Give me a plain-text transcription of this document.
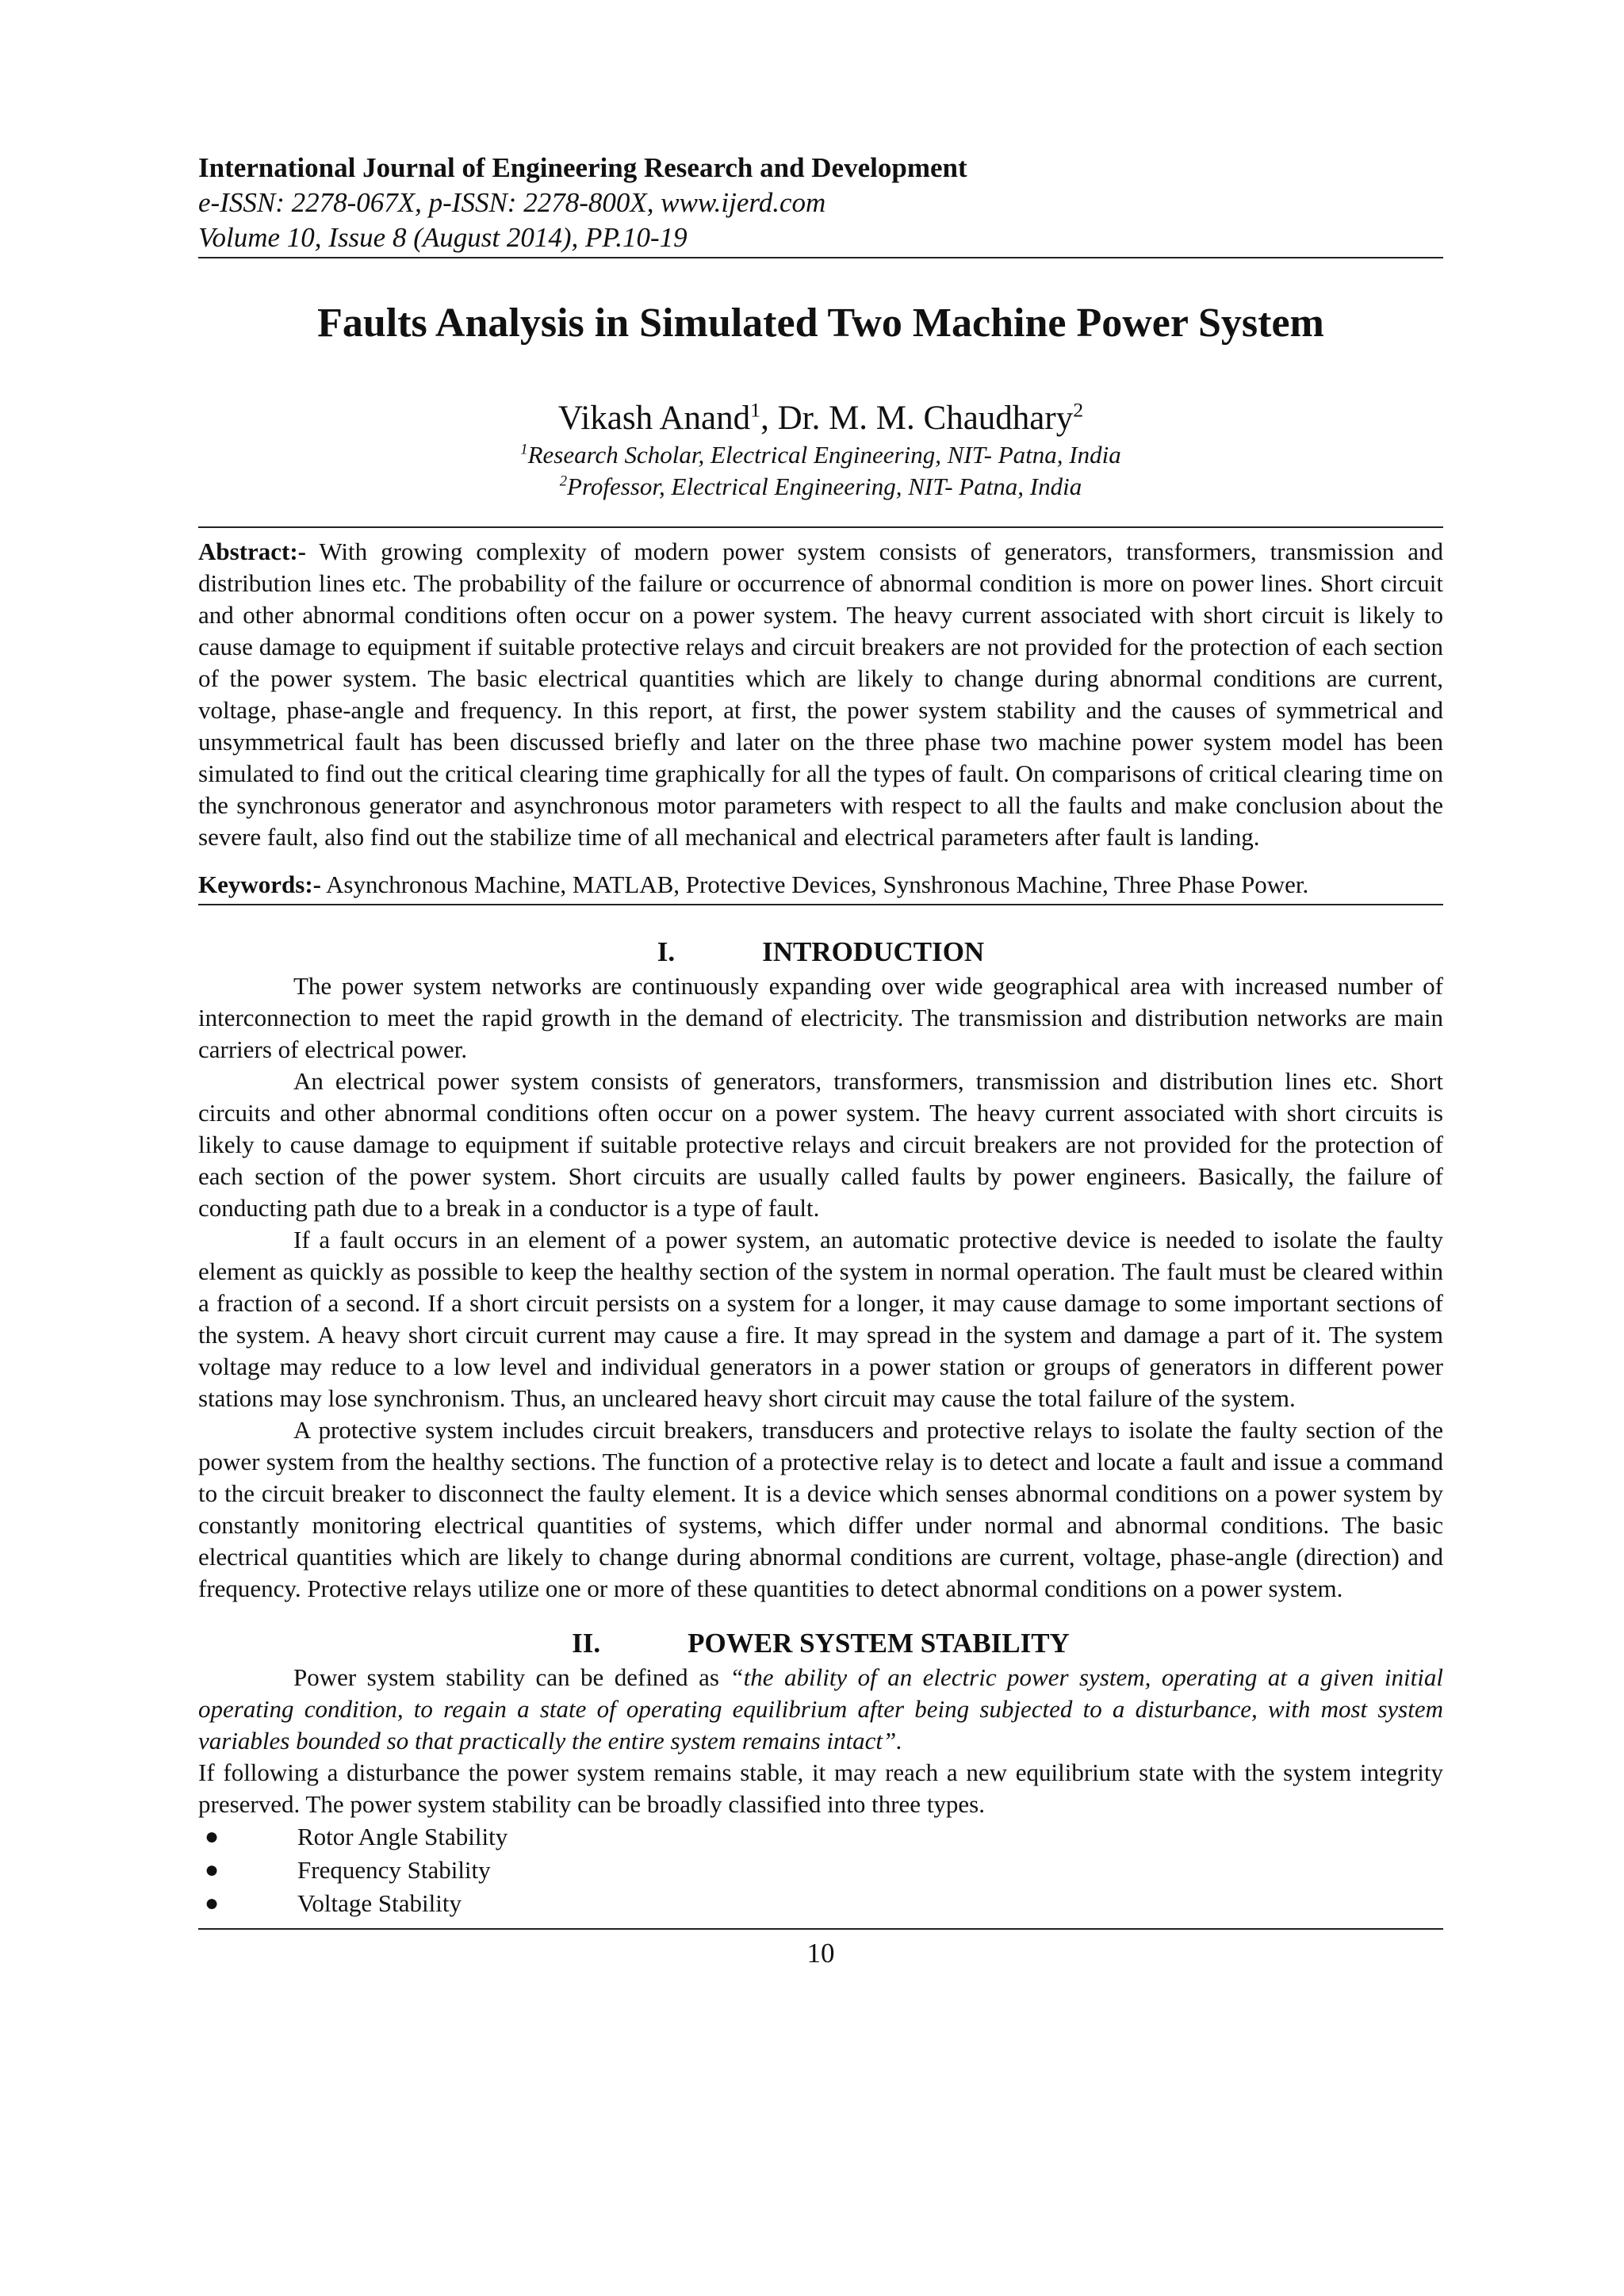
International Journal of Engineering Research and Development

e-ISSN: 2278-067X, p-ISSN: 2278-800X, www.ijerd.com

Volume 10, Issue 8 (August 2014), PP.10-19

Faults Analysis in Simulated Two Machine Power System

Vikash Anand$^1$, Dr. M. M. Chaudhary$^2$

$^1$Research Scholar, Electrical Engineering, NIT- Patna, India

$^2$Professor, Electrical Engineering, NIT- Patna, India

Abstract:- With growing complexity of modern power system consists of generators, transformers, transmission and distribution lines etc. The probability of the failure or occurrence of abnormal condition is more on power lines. Short circuit and other abnormal conditions often occur on a power system. The heavy current associated with short circuit is likely to cause damage to equipment if suitable protective relays and circuit breakers are not provided for the protection of each section of the power system. The basic electrical quantities which are likely to change during abnormal conditions are current, voltage, phase-angle and frequency. In this report, at first, the power system stability and the causes of symmetrical and unsymmetrical fault has been discussed briefly and later on the three phase two machine power system model has been simulated to find out the critical clearing time graphically for all the types of fault. On comparisons of critical clearing time on the synchronous generator and asynchronous motor parameters with respect to all the faults and make conclusion about the severe fault, also find out the stabilize time of all mechanical and electrical parameters after fault is landing.

Keywords:- Asynchronous Machine, MATLAB, Protective Devices, Synshronous Machine, Three Phase Power.

I.	INTRODUCTION

The power system networks are continuously expanding over wide geographical area with increased number of interconnection to meet the rapid growth in the demand of electricity. The transmission and distribution networks are main carriers of electrical power.

An electrical power system consists of generators, transformers, transmission and distribution lines etc. Short circuits and other abnormal conditions often occur on a power system. The heavy current associated with short circuits is likely to cause damage to equipment if suitable protective relays and circuit breakers are not provided for the protection of each section of the power system. Short circuits are usually called faults by power engineers. Basically, the failure of conducting path due to a break in a conductor is a type of fault.

If a fault occurs in an element of a power system, an automatic protective device is needed to isolate the faulty element as quickly as possible to keep the healthy section of the system in normal operation. The fault must be cleared within a fraction of a second. If a short circuit persists on a system for a longer, it may cause damage to some important sections of the system. A heavy short circuit current may cause a fire. It may spread in the system and damage a part of it. The system voltage may reduce to a low level and individual generators in a power station or groups of generators in different power stations may lose synchronism. Thus, an uncleared heavy short circuit may cause the total failure of the system.

A protective system includes circuit breakers, transducers and protective relays to isolate the faulty section of the power system from the healthy sections. The function of a protective relay is to detect and locate a fault and issue a command to the circuit breaker to disconnect the faulty element. It is a device which senses abnormal conditions on a power system by constantly monitoring electrical quantities of systems, which differ under normal and abnormal conditions. The basic electrical quantities which are likely to change during abnormal conditions are current, voltage, phase-angle (direction) and frequency. Protective relays utilize one or more of these quantities to detect abnormal conditions on a power system.

II.	POWER SYSTEM STABILITY

Power system stability can be defined as “the ability of an electric power system, operating at a given initial operating condition, to regain a state of operating equilibrium after being subjected to a disturbance, with most system variables bounded so that practically the entire system remains intact”.

If following a disturbance the power system remains stable, it may reach a new equilibrium state with the system integrity preserved. The power system stability can be broadly classified into three types.

●	Rotor Angle Stability
●	Frequency Stability
●	Voltage Stability

10
